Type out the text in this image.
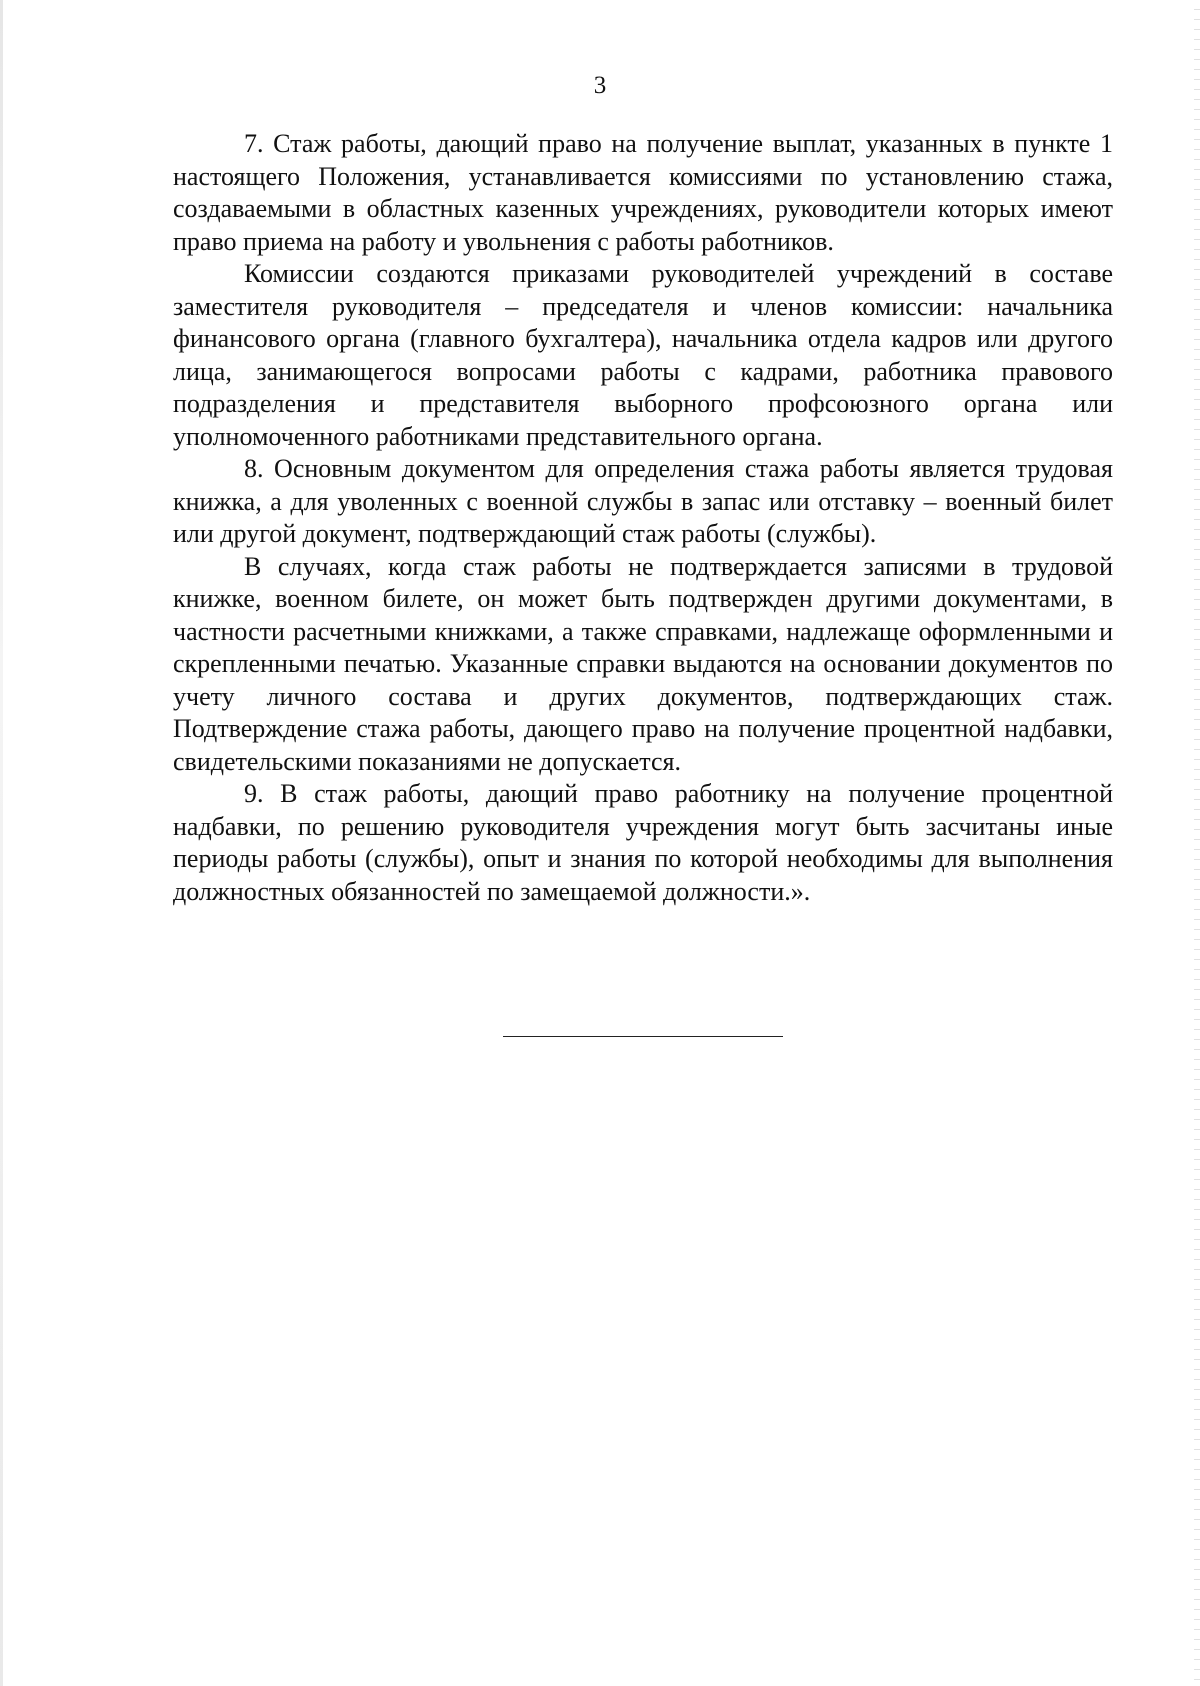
3

7. Стаж работы, дающий право на получение выплат, указанных в пункте 1 настоящего Положения, устанавливается комиссиями по установлению стажа, создаваемыми в областных казенных учреждениях, руководители которых имеют право приема на работу и увольнения с работы работников.

Комиссии создаются приказами руководителей учреждений в составе заместителя руководителя – председателя и членов комиссии: начальника финансового органа (главного бухгалтера), начальника отдела кадров или другого лица, занимающегося вопросами работы с кадрами, работника правового подразделения и представителя выборного профсоюзного органа или уполномоченного работниками представительного органа.

8. Основным документом для определения стажа работы является трудовая книжка, а для уволенных с военной службы в запас или отставку – военный билет или другой документ, подтверждающий стаж работы (службы).

В случаях, когда стаж работы не подтверждается записями в трудовой книжке, военном билете, он может быть подтвержден другими документами, в частности расчетными книжками, а также справками, надлежаще оформленными и скрепленными печатью. Указанные справки выдаются на основании документов по учету личного состава и других документов, подтверждающих стаж. Подтверждение стажа работы, дающего право на получение процентной надбавки, свидетельскими показаниями не допускается.

9. В стаж работы, дающий право работнику на получение процентной надбавки, по решению руководителя учреждения могут быть засчитаны иные периоды работы (службы), опыт и знания по которой необходимы для выполнения должностных обязанностей по замещаемой должности.».
